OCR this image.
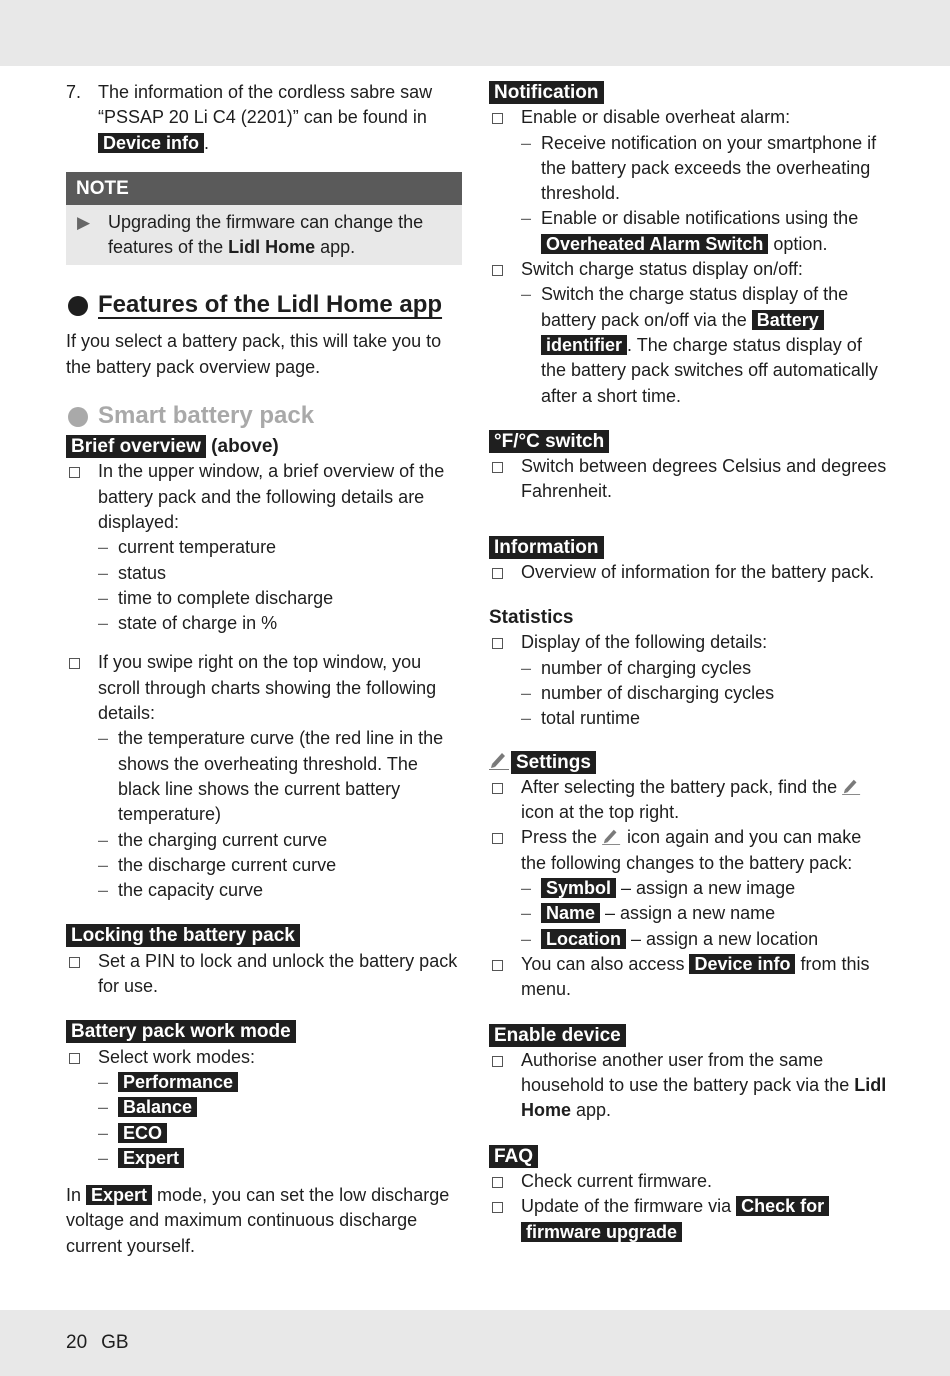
7. The information of the cordless sabre saw “PSSAP 20 Li C4 (2201)” can be found in Device info .
NOTE
▶ Upgrading the firmware can change the features of the Lidl Home app.
Features of the Lidl Home app

If you select a battery pack, this will take you to the battery pack overview page.

Smart battery pack
Brief overview (above)
In the upper window, a brief overview of the battery pack and the following details are displayed:
– current temperature
– status
– time to complete discharge
– state of charge in %
If you swipe right on the top window, you scroll through charts showing the following details:
– the temperature curve (the red line in the shows the overheating threshold. The black line shows the current battery temperature)
– the charging current curve
– the discharge current curve
– the capacity curve
Locking the battery pack
Set a PIN to lock and unlock the battery pack for use.
Battery pack work mode
Select work modes:
– Performance
– Balance
– ECO
– Expert

In Expert mode, you can set the low discharge voltage and maximum continuous discharge current yourself.

Notification
Enable or disable overheat alarm:
– Receive notification on your smartphone if the battery pack exceeds the overheating threshold.
– Enable or disable notifications using the Overheated Alarm Switch option.
Switch charge status display on/off:
– Switch the charge status display of the battery pack on/off via the Battery
identifier . The charge status display of the battery pack switches off automatically after a short time.
°F/°C switch
Switch between degrees Celsius and degrees Fahrenheit.
Information
Overview of information for the battery pack.
Statistics
Display of the following details:
– number of charging cycles
– number of discharging cycles
– total runtime
Settings
After selecting the battery pack, find the  icon at the top right.
Press the  icon again and you can make the following changes to the battery pack:
– Symbol – assign a new image
– Name – assign a new name
– Location – assign a new location
You can also access Device info from this menu.
Enable device
Authorise another user from the same household to use the battery pack via the Lidl Home app.
FAQ
Check current firmware.
Update of the firmware via Check for
firmware upgrade
20 GB
